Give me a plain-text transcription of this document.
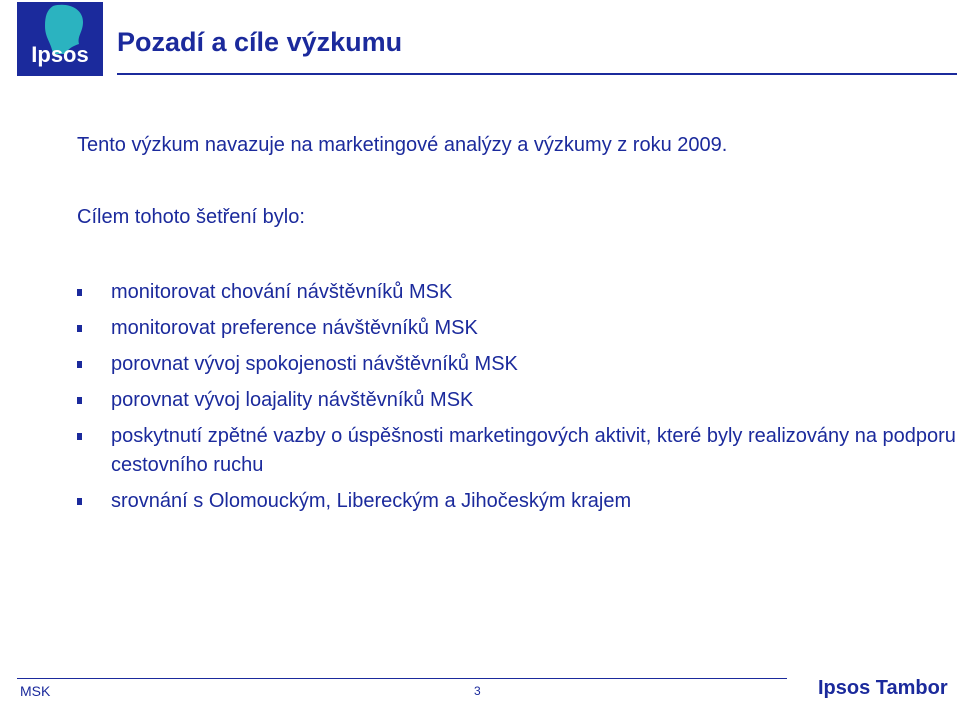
Ipsos Pozadí a cíle výzkumu
Tento výzkum navazuje na marketingové analýzy a výzkumy z roku 2009.
Cílem tohoto šetření bylo:
monitorovat chování návštěvníků MSK
monitorovat preference návštěvníků MSK
porovnat vývoj spokojenosti návštěvníků MSK
porovnat vývoj loajality návštěvníků MSK
poskytnutí zpětné vazby o úspěšnosti marketingových aktivit, které byly realizovány na podporu cestovního ruchu
srovnání s Olomouckým, Libereckým a Jihočeským krajem
MSK	3	Ipsos Tambor
